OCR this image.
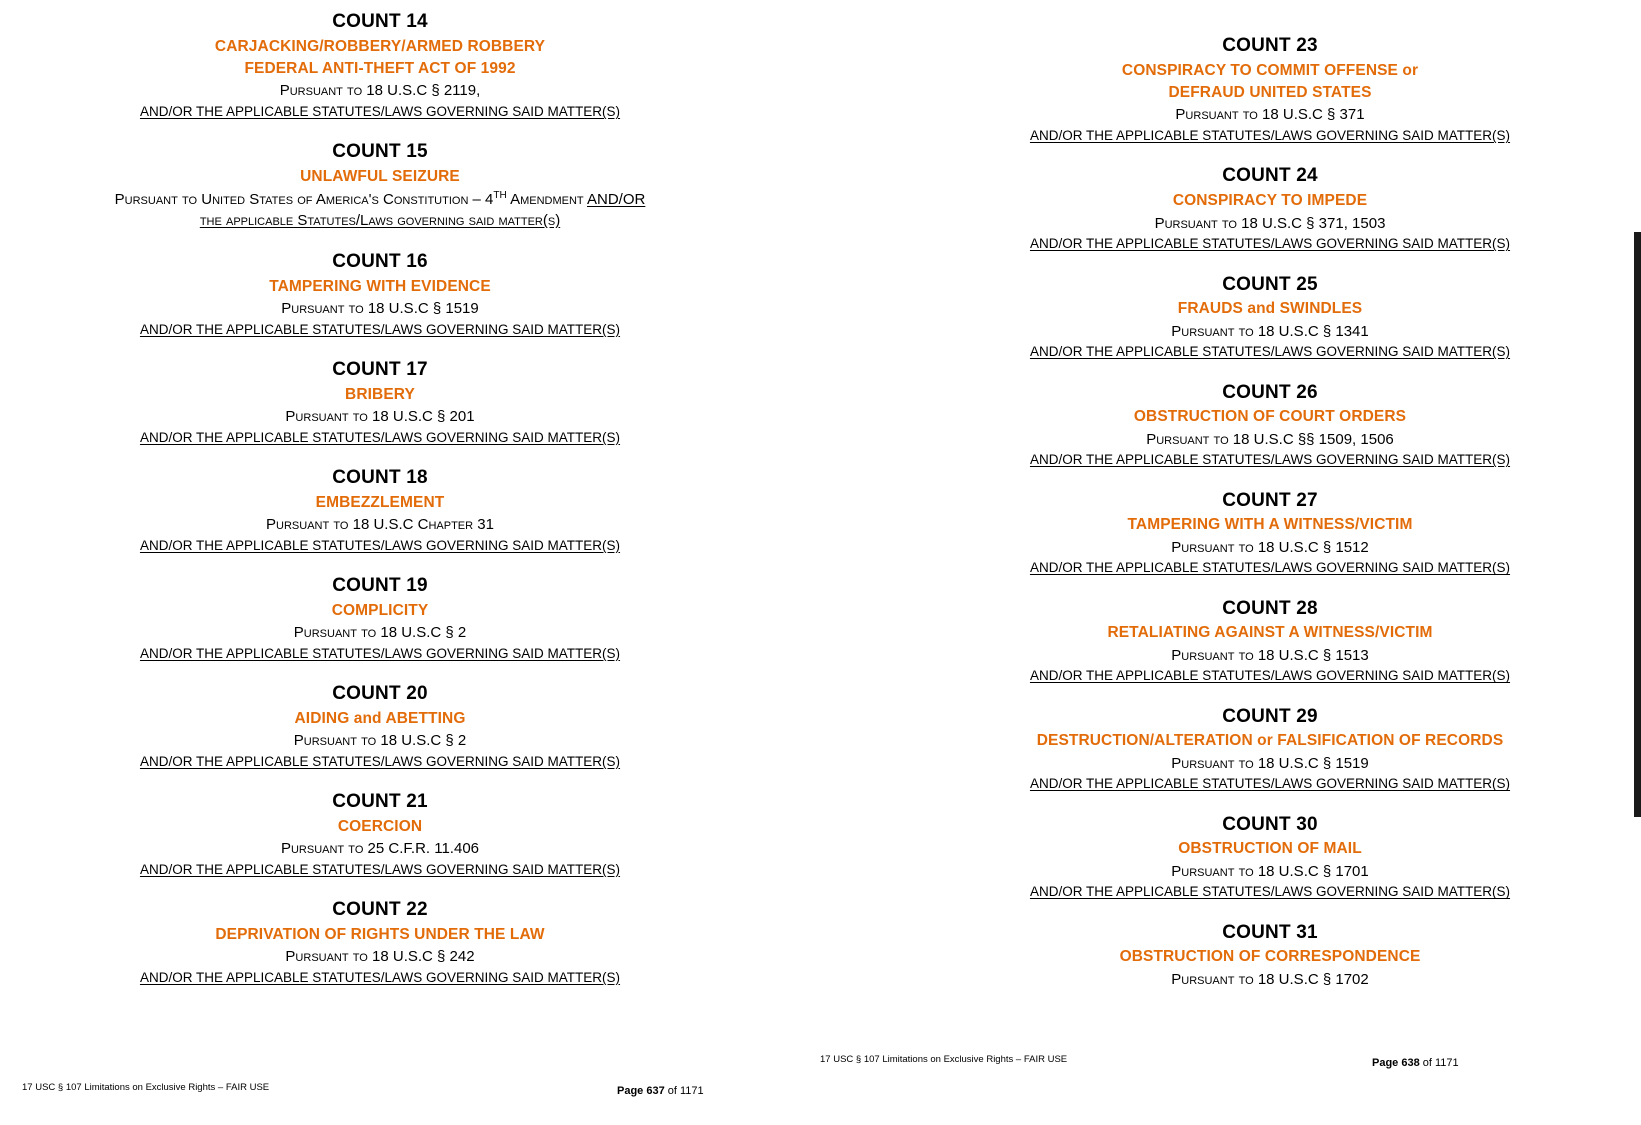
COUNT 14
CARJACKING/ROBBERY/ARMED ROBBERY
FEDERAL ANTI-THEFT ACT OF 1992
Pursuant to 18 U.S.C § 2119,
AND/OR THE APPLICABLE STATUTES/LAWS GOVERNING SAID MATTER(S)
COUNT 15
UNLAWFUL SEIZURE
Pursuant to United States of America's Constitution – 4TH Amendment AND/OR
the applicable Statutes/Laws governing said matter(s)
COUNT 16
TAMPERING WITH EVIDENCE
Pursuant to 18 U.S.C § 1519
AND/OR THE APPLICABLE STATUTES/LAWS GOVERNING SAID MATTER(S)
COUNT 17
BRIBERY
Pursuant to 18 U.S.C § 201
AND/OR THE APPLICABLE STATUTES/LAWS GOVERNING SAID MATTER(S)
COUNT 18
EMBEZZLEMENT
Pursuant to 18 U.S.C Chapter 31
AND/OR THE APPLICABLE STATUTES/LAWS GOVERNING SAID MATTER(S)
COUNT 19
COMPLICITY
Pursuant to 18 U.S.C § 2
AND/OR THE APPLICABLE STATUTES/LAWS GOVERNING SAID MATTER(S)
COUNT 20
AIDING and ABETTING
Pursuant to 18 U.S.C § 2
AND/OR THE APPLICABLE STATUTES/LAWS GOVERNING SAID MATTER(S)
COUNT 21
COERCION
Pursuant to 25 C.F.R. 11.406
AND/OR THE APPLICABLE STATUTES/LAWS GOVERNING SAID MATTER(S)
COUNT 22
DEPRIVATION OF RIGHTS UNDER THE LAW
Pursuant to 18 U.S.C § 242
AND/OR THE APPLICABLE STATUTES/LAWS GOVERNING SAID MATTER(S)
17 USC § 107 Limitations on Exclusive Rights – FAIR USE	Page 637 of 1171
COUNT 23
CONSPIRACY TO COMMIT OFFENSE or
DEFRAUD UNITED STATES
Pursuant to 18 U.S.C § 371
AND/OR THE APPLICABLE STATUTES/LAWS GOVERNING SAID MATTER(S)
COUNT 24
CONSPIRACY TO IMPEDE
Pursuant to 18 U.S.C § 371, 1503
AND/OR THE APPLICABLE STATUTES/LAWS GOVERNING SAID MATTER(S)
COUNT 25
FRAUDS and SWINDLES
Pursuant to 18 U.S.C § 1341
AND/OR THE APPLICABLE STATUTES/LAWS GOVERNING SAID MATTER(S)
COUNT 26
OBSTRUCTION OF COURT ORDERS
Pursuant to 18 U.S.C §§ 1509, 1506
AND/OR THE APPLICABLE STATUTES/LAWS GOVERNING SAID MATTER(S)
COUNT 27
TAMPERING WITH A WITNESS/VICTIM
Pursuant to 18 U.S.C § 1512
AND/OR THE APPLICABLE STATUTES/LAWS GOVERNING SAID MATTER(S)
COUNT 28
RETALIATING AGAINST A WITNESS/VICTIM
Pursuant to 18 U.S.C § 1513
AND/OR THE APPLICABLE STATUTES/LAWS GOVERNING SAID MATTER(S)
COUNT 29
DESTRUCTION/ALTERATION or FALSIFICATION OF RECORDS
Pursuant to 18 U.S.C § 1519
AND/OR THE APPLICABLE STATUTES/LAWS GOVERNING SAID MATTER(S)
COUNT 30
OBSTRUCTION OF MAIL
Pursuant to 18 U.S.C § 1701
AND/OR THE APPLICABLE STATUTES/LAWS GOVERNING SAID MATTER(S)
COUNT 31
OBSTRUCTION OF CORRESPONDENCE
Pursuant to 18 U.S.C § 1702
17 USC § 107 Limitations on Exclusive Rights – FAIR USE	Page 638 of 1171
